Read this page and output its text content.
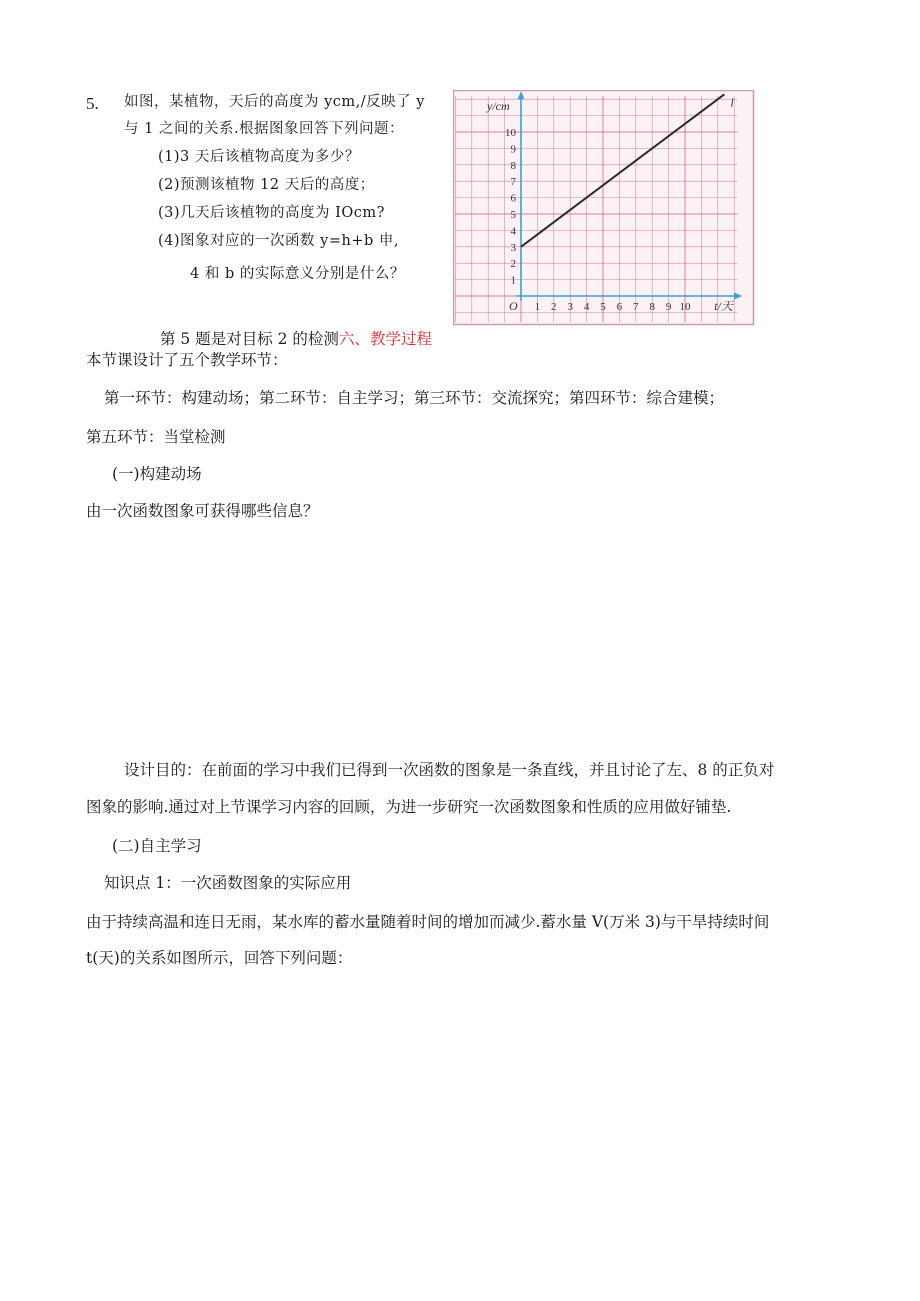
5. 如图，某植物，天后的高度为 ycm,/反映了 y
与 1 之间的关系.根据图象回答下列问题：
(1)3 天后该植物高度为多少？
(2)预测该植物 12 天后的高度；
(3)几天后该植物的高度为 IOcm?
(4)图象对应的一次函数 y=h+b 申,
4 和 b 的实际意义分别是什么？
1 2 3 4 5 6 7 8 9 10
1
2
3
4
5
6
7
8
9
10
O
y/cm
t/天
l
第 5 题是对目标 2 的检测六、教学过程
本节课设计了五个教学环节：
第一环节：构建动场；第二环节：自主学习；第三环节：交流探究；第四环节：综合建模；
第五环节：当堂检测
(一)构建动场
由一次函数图象可获得哪些信息？
设计目的：在前面的学习中我们已得到一次函数的图象是一条直线，并且讨论了左、8 的正负对
图象的影响.通过对上节课学习内容的回顾，为进一步研究一次函数图象和性质的应用做好铺垫.
(二)自主学习
知识点 1：一次函数图象的实际应用
由于持续高温和连日无雨，某水库的蓄水量随着时间的增加而减少.蓄水量 V(万米 3)与干旱持续时间
t(天)的关系如图所示，回答下列问题：
